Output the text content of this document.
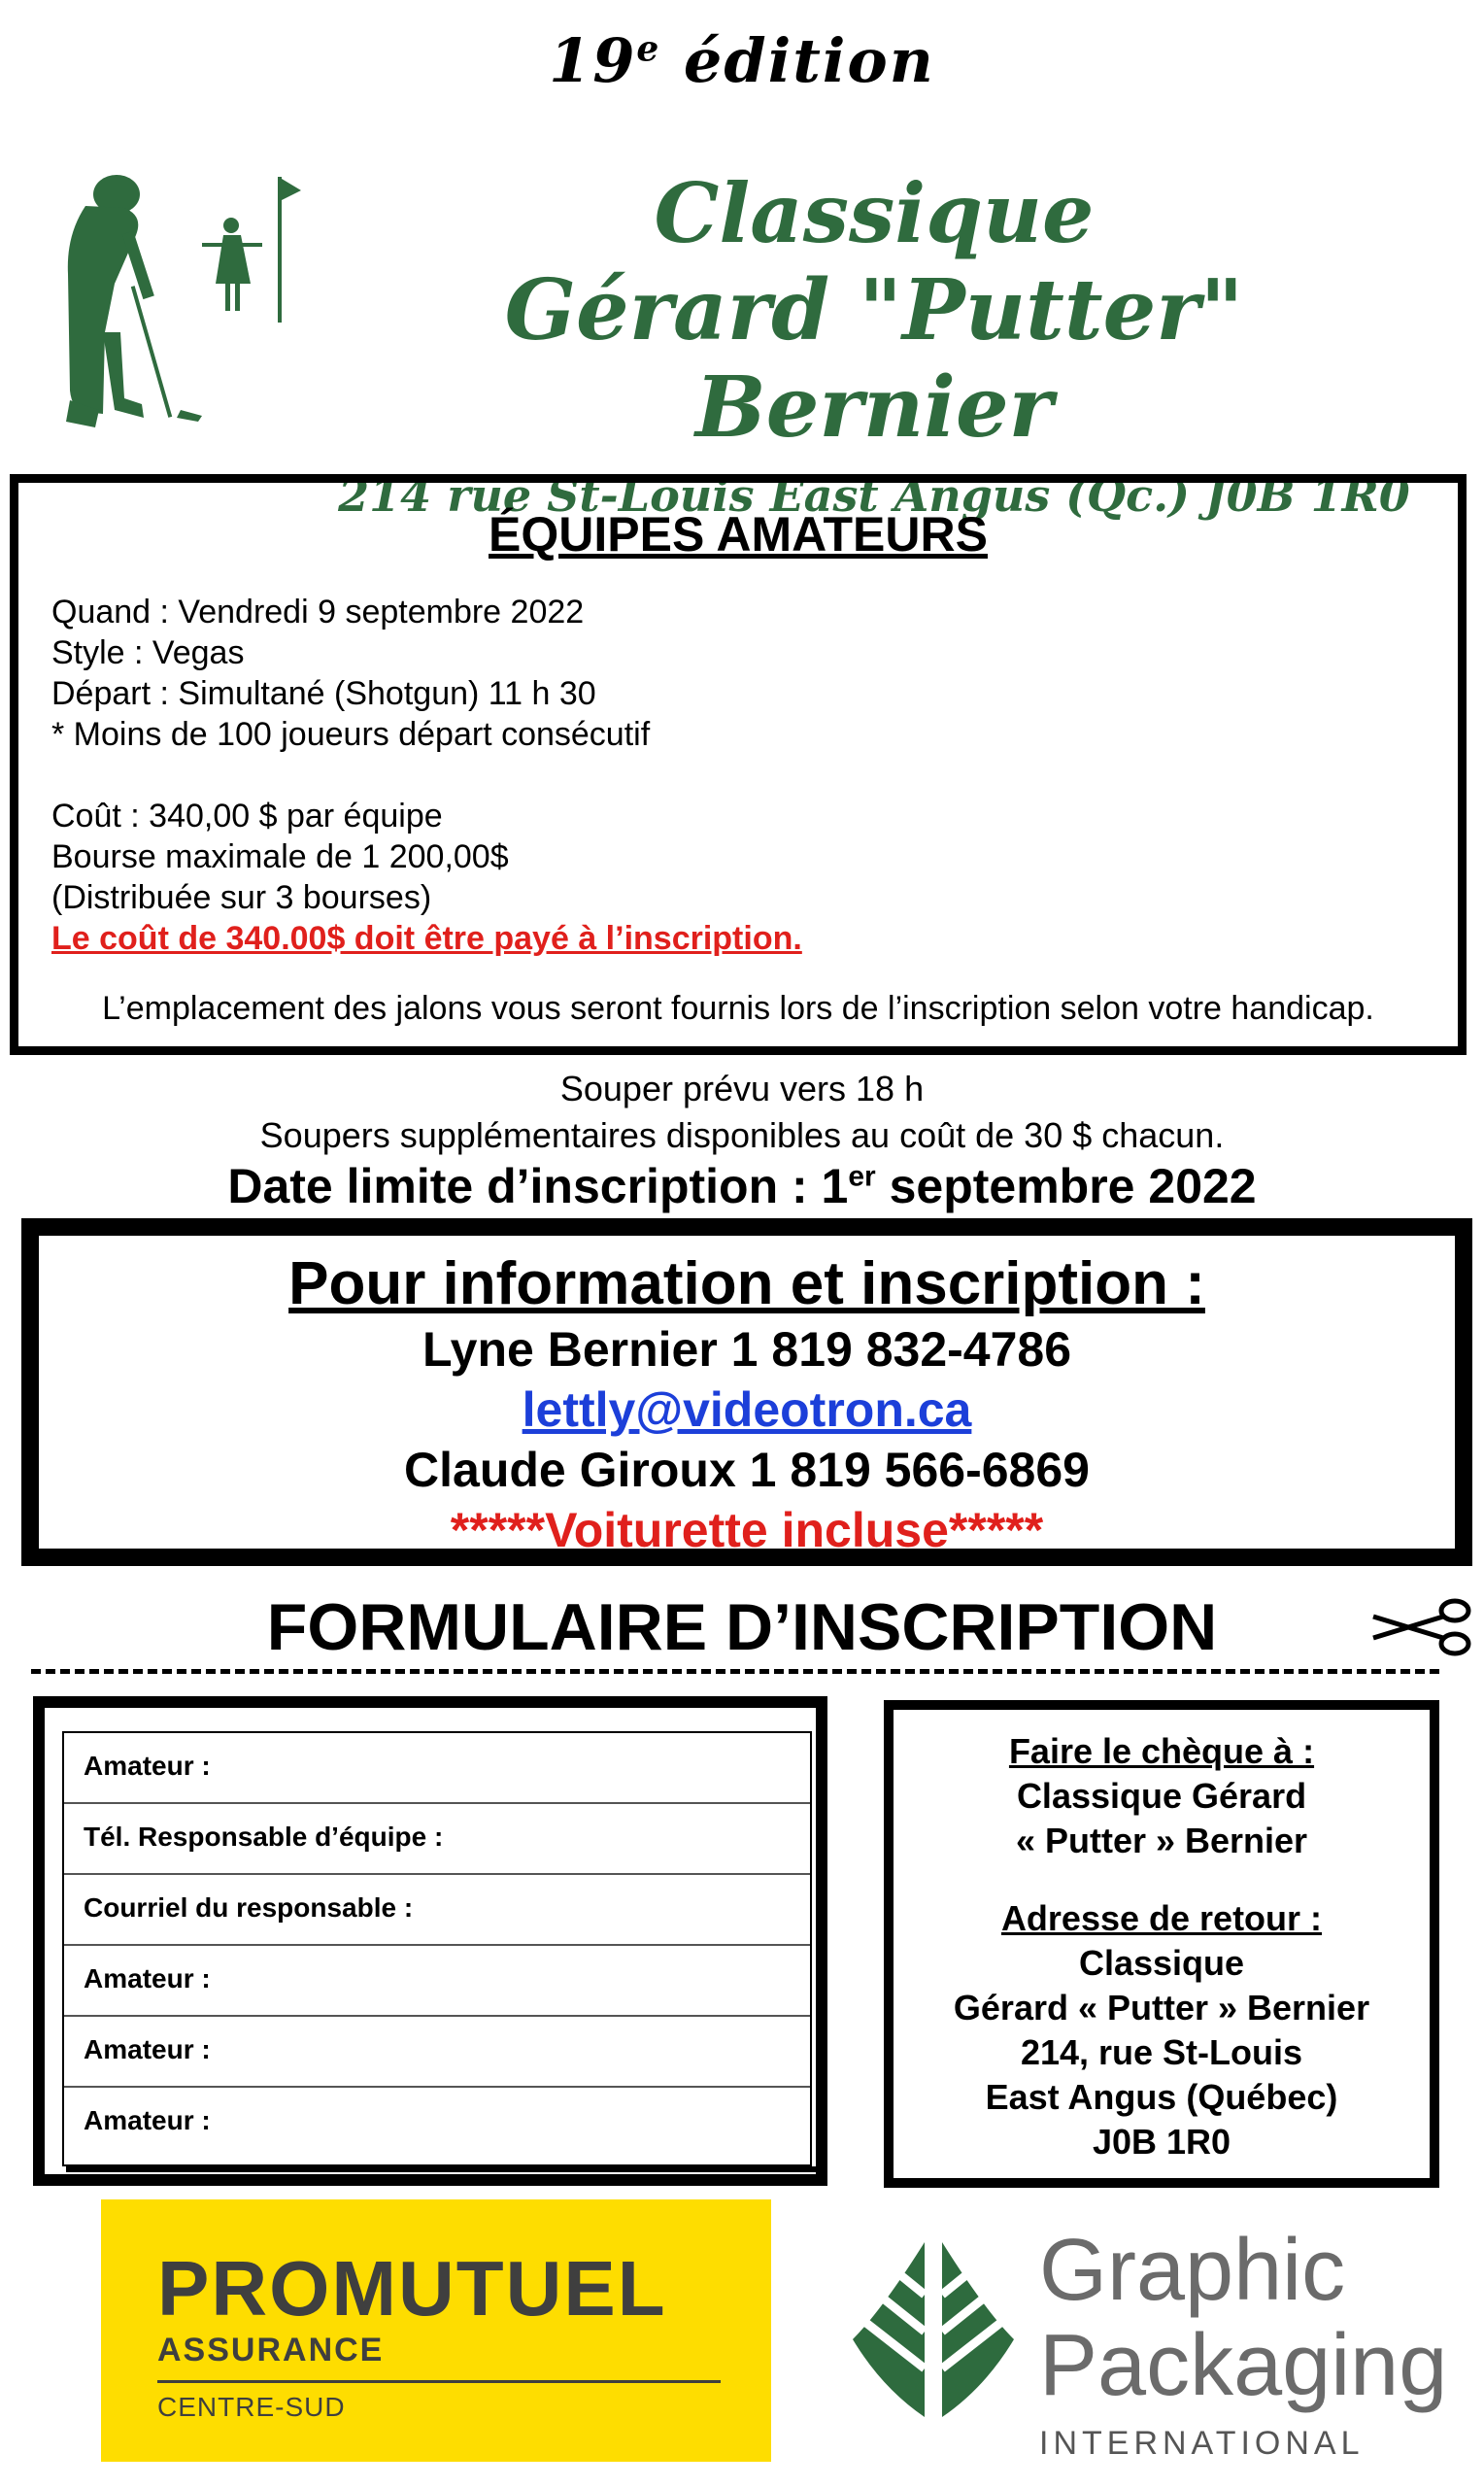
19e édition
Classique
Gérard "Putter" Bernier
214 rue St-Louis East Angus (Qc.) J0B 1R0
ÉQUIPES AMATEURS
Quand : Vendredi 9 septembre 2022
Style : Vegas
Départ : Simultané (Shotgun) 11 h 30
* Moins de 100 joueurs départ consécutif
Coût : 340,00 $ par équipe
Bourse maximale de 1 200,00$
(Distribuée sur 3 bourses)
Le coût de 340.00$ doit être payé à l’inscription.
L’emplacement des jalons vous seront fournis lors de l’inscription selon votre handicap.
Souper prévu vers 18 h
Soupers supplémentaires disponibles au coût de 30 $ chacun.
Date limite d’inscription : 1er septembre 2022
Pour information et inscription :
Lyne Bernier 1 819 832-4786
lettly@videotron.ca
Claude Giroux 1 819 566-6869
*****Voiturette incluse*****
FORMULAIRE D’INSCRIPTION
Amateur :
Tél. Responsable d’équipe :
Courriel du responsable :
Amateur :
Amateur :
Amateur :
Faire le chèque à :
Classique Gérard
« Putter » Bernier
Adresse de retour :
Classique
Gérard « Putter » Bernier
214, rue St-Louis
East Angus (Québec)
J0B 1R0
PROMUTUEL
ASSURANCE
CENTRE-SUD
Graphic
Packaging
INTERNATIONAL
